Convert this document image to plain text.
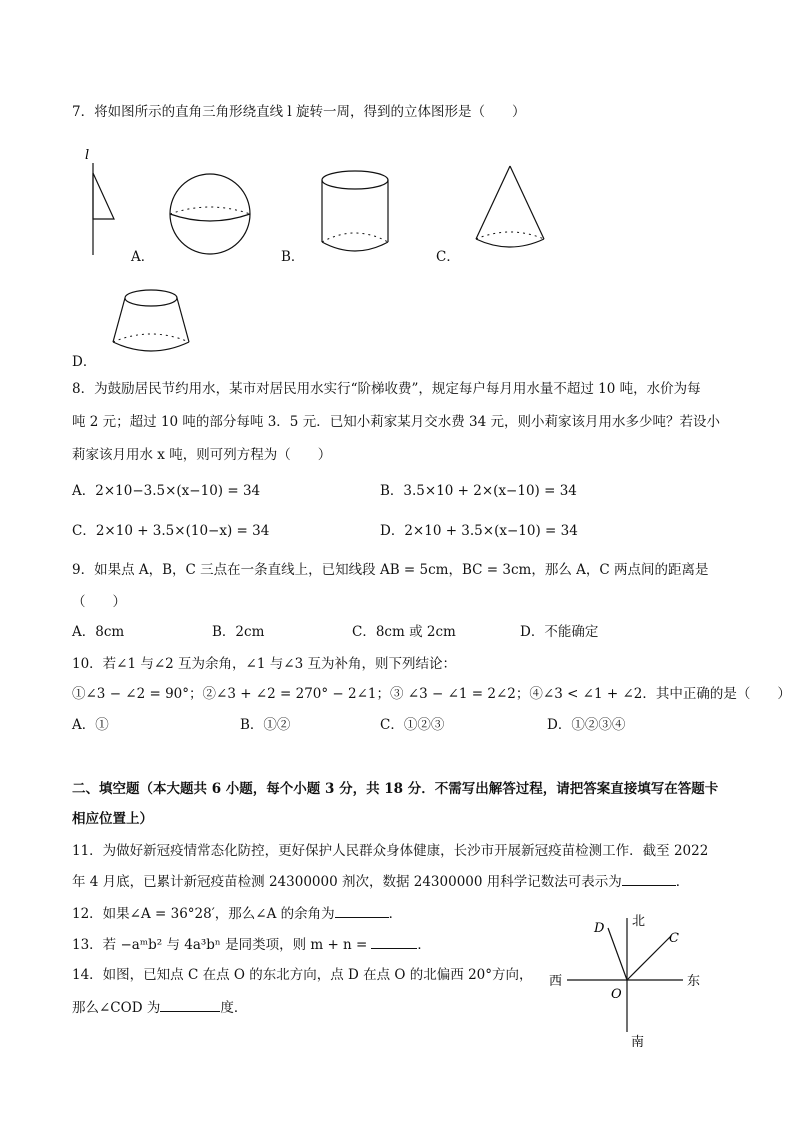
7．将如图所示的直角三角形绕直线 l 旋转一周，得到的立体图形是（　　）
l
A．	B．	C．
D．
8．为鼓励居民节约用水，某市对居民用水实行“阶梯收费”，规定每户每月用水量不超过 10 吨，水价为每
吨 2 元；超过 10 吨的部分每吨 3．5 元．已知小莉家某月交水费 34 元，则小莉家该月用水多少吨？若设小
莉家该月用水 x 吨，则可列方程为（　　）
A．2×10−3.5×(x−10) = 34	B．3.5×10 + 2×(x−10) = 34
C．2×10 + 3.5×(10−x) = 34	D．2×10 + 3.5×(x−10) = 34
9．如果点 A，B，C 三点在一条直线上，已知线段 AB = 5cm，BC = 3cm，那么 A，C 两点间的距离是
（　　）
A．8cm	B．2cm	C．8cm 或 2cm	D．不能确定
10．若∠1 与∠2 互为余角，∠1 与∠3 互为补角，则下列结论：
①∠3 − ∠2 = 90°；②∠3 + ∠2 = 270° − 2∠1；③ ∠3 − ∠1 = 2∠2；④∠3 < ∠1 + ∠2．其中正确的是（　　）
A．①	B．①②	C．①②③	D．①②③④
二、填空题（本大题共 6 小题，每个小题 3 分，共 18 分．不需写出解答过程，请把答案直接填写在答题卡
相应位置上）
11．为做好新冠疫情常态化防控，更好保护人民群众身体健康，长沙市开展新冠疫苗检测工作．截至 2022
年 4 月底，已累计新冠疫苗检测 24300000 剂次，数据 24300000 用科学记数法可表示为	．
12．如果∠A = 36°28′，那么∠A 的余角为	．
13．若 −aᵐb² 与 4a³bⁿ 是同类项，则 m + n =	．
14．如图，已知点 C 在点 O 的东北方向，点 D 在点 O 的北偏西 20°方向，
那么∠COD 为	度．
北
南
东
西
O
C
D
